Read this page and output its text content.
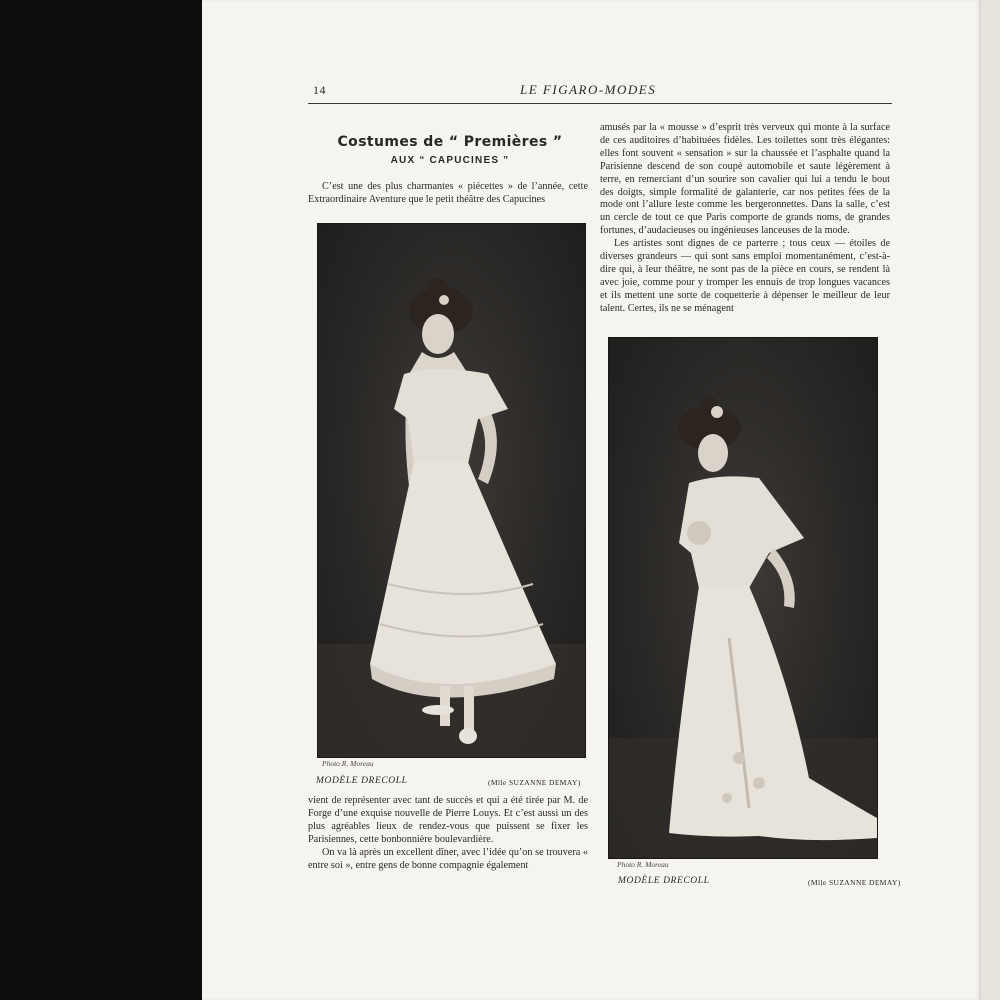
14	LE FIGARO-MODES
Costumes de “ Premières ”
AUX “ CAPUCINES ”

C’est une des plus charmantes « piécettes » de l’année, cette Extraordinaire Aventure que le petit théâtre des Capucines

Photo R. Moreau
MODÈLE DRECOLL	(Mlle SUZANNE DEMAY)

vient de représenter avec tant de succès et qui a été tirée par M. de Forge d’une exquise nouvelle de Pierre Louys. Et c’est aussi un des plus agréables lieux de rendez-vous que puissent se fixer les Parisiennes, cette bonbonnière boulevardière.

On va là après un excellent dîner, avec l’idée qu’on se trouvera « entre soi », entre gens de bonne compagnie également

amusés par la « mousse » d’esprit très verveux qui monte à la surface de ces auditoires d’habituées fidèles. Les toilettes sont très élégantes: elles font souvent « sensation » sur la chaussée et l’asphalte quand la Parisienne descend de son coupé automobile et saute légèrement à terre, en remerciant d’un sourire son cavalier qui lui a tendu le bout des doigts, simple formalité de galanterie, car nos petites fées de la mode ont l’allure leste comme les bergeronnettes. Dans la salle, c’est un cercle de tout ce que Paris comporte de grands noms, de grandes fortunes, d’audacieuses ou ingénieuses lanceuses de la mode.

Les artistes sont dignes de ce parterre ; tous ceux — étoiles de diverses grandeurs — qui sont sans emploi momentanément, c’est-à-dire qui, à leur théâtre, ne sont pas de la pièce en cours, se rendent là avec joie, comme pour y tromper les ennuis de trop longues vacances et ils mettent une sorte de coquetterie à dépenser le meilleur de leur talent. Certes, ils ne se ménagent

Photo R. Moreau
MODÈLE DRECOLL	(Mlle SUZANNE DEMAY)
